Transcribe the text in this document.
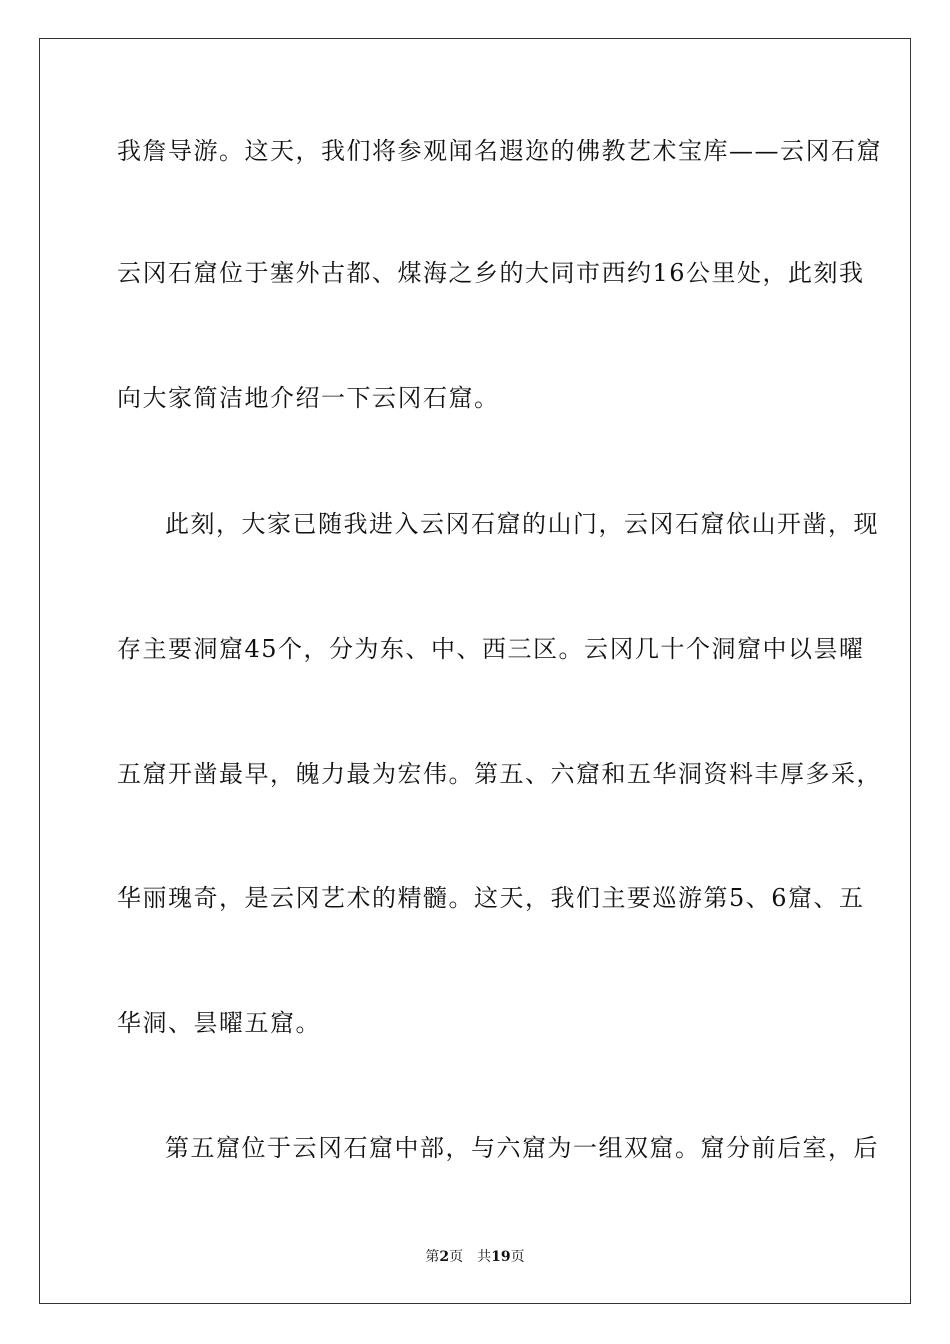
我詹导游。这天，我们将参观闻名遐迩的佛教艺术宝库——云冈石窟
云冈石窟位于塞外古都、煤海之乡的大同市西约16公里处，此刻我
向大家简洁地介绍一下云冈石窟。
此刻，大家已随我进入云冈石窟的山门，云冈石窟依山开凿，现
存主要洞窟45个，分为东、中、西三区。云冈几十个洞窟中以昙曜
五窟开凿最早，魄力最为宏伟。第五、六窟和五华洞资料丰厚多采，
华丽瑰奇，是云冈艺术的精髓。这天，我们主要巡游第5、6窟、五
华洞、昙曜五窟。
第五窟位于云冈石窟中部，与六窟为一组双窟。窟分前后室，后
第2页 共19页
